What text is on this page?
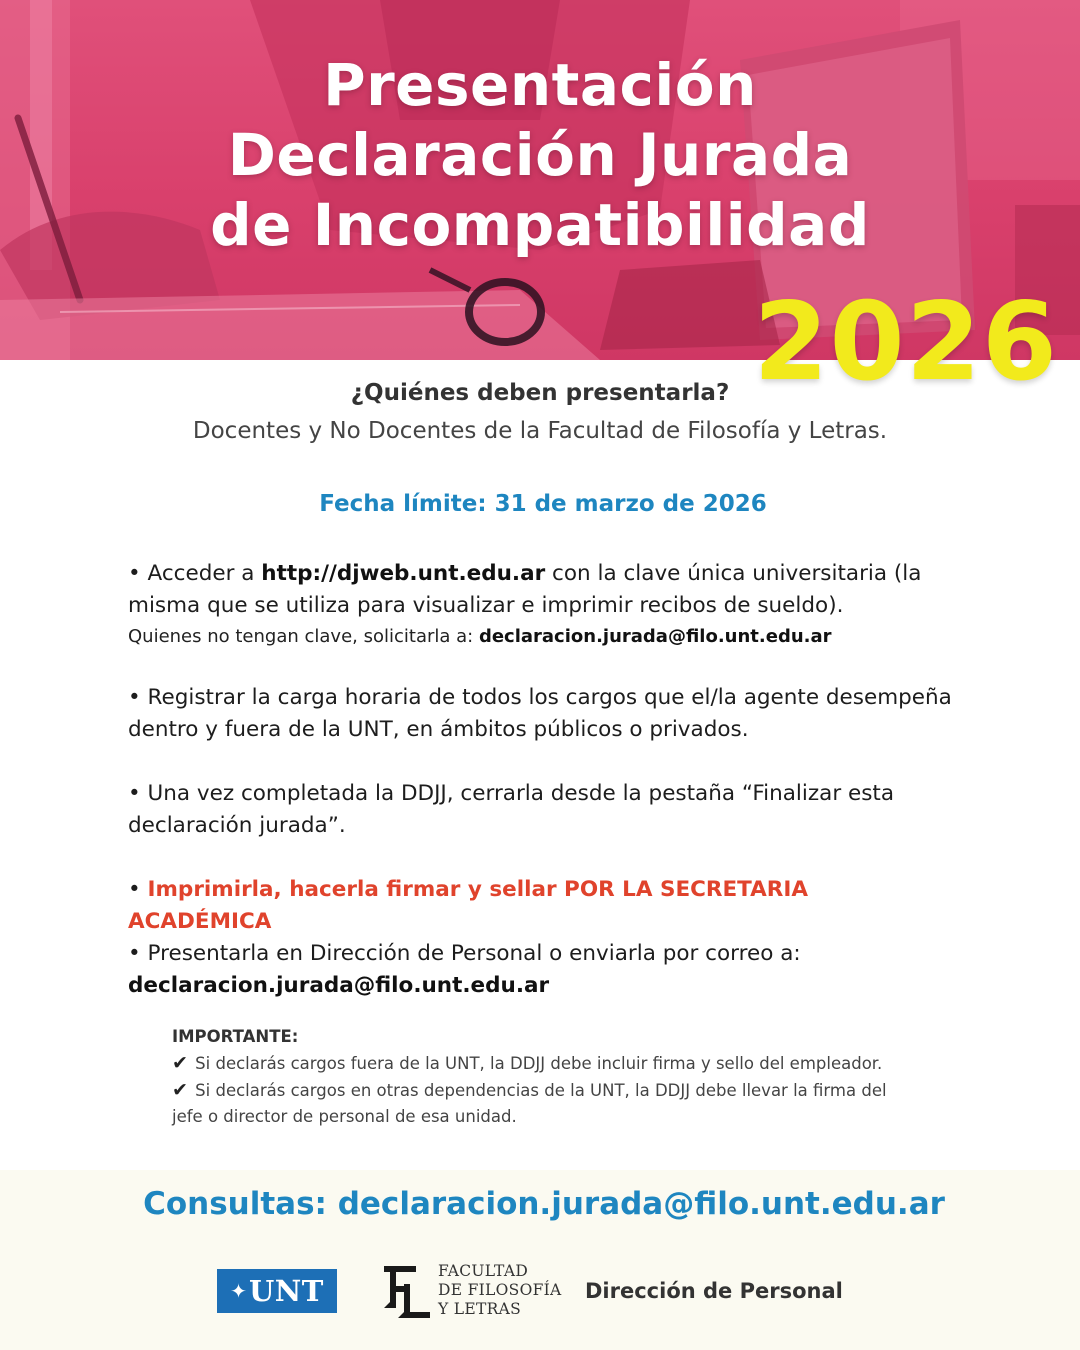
Presentación
Declaración Jurada
de Incompatibilidad
2026
¿Quiénes deben presentarla?
Docentes y No Docentes de la Facultad de Filosofía y Letras.
Fecha límite: 31 de marzo de 2026
• Acceder a http://djweb.unt.edu.ar con la clave única universitaria (la misma que se utiliza para visualizar e imprimir recibos de sueldo).
Quienes no tengan clave, solicitarla a: declaracion.jurada@filo.unt.edu.ar
• Registrar la carga horaria de todos los cargos que el/la agente desempeña dentro y fuera de la UNT, en ámbitos públicos o privados.
• Una vez completada la DDJJ, cerrarla desde la pestaña “Finalizar esta declaración jurada”.
• Imprimirla, hacerla firmar y sellar POR LA SECRETARIA ACADÉMICA
• Presentarla en Dirección de Personal o enviarla por correo a:
declaracion.jurada@filo.unt.edu.ar
IMPORTANTE:
✔ Si declarás cargos fuera de la UNT, la DDJJ debe incluir firma y sello del empleador.
✔ Si declarás cargos en otras dependencias de la UNT, la DDJJ debe llevar la firma del jefe o director de personal de esa unidad.
Consultas: declaracion.jurada@filo.unt.edu.ar
✦ UNT
FACULTAD
DE FILOSOFÍA
Y LETRAS
Dirección de Personal
